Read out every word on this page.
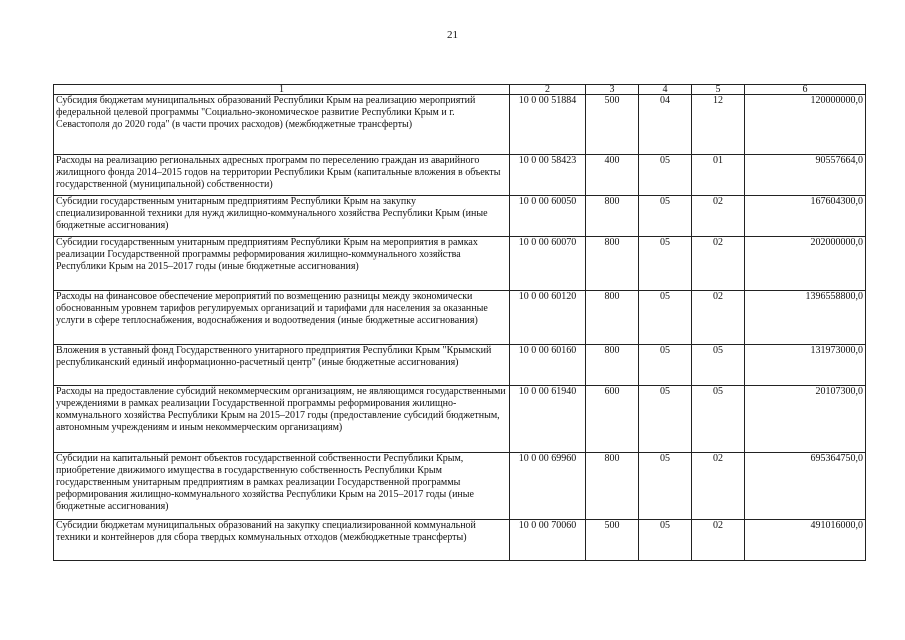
21
1	2	3	4	5	6
Субсидия бюджетам муниципальных образований Республики Крым на реализацию мероприятий федеральной целевой программы "Социально-экономическое развитие Республики Крым и г. Севастополя до 2020 года" (в части прочих расходов) (межбюджетные трансферты)	10 0 00 51884	500	04	12	120000000,0
Расходы на реализацию региональных адресных программ по переселению граждан из аварийного жилищного фонда 2014–2015 годов на территории Республики Крым (капитальные вложения в объекты государственной (муниципальной) собственности)	10 0 00 58423	400	05	01	90557664,0
Субсидии государственным унитарным предприятиям Республики Крым на закупку специализированной техники для нужд жилищно-коммунального хозяйства Республики Крым (иные бюджетные ассигнования)	10 0 00 60050	800	05	02	167604300,0
Субсидии государственным унитарным предприятиям Республики Крым на мероприятия в рамках реализации Государственной программы реформирования жилищно-коммунального хозяйства Республики Крым на 2015–2017 годы (иные бюджетные ассигнования)	10 0 00 60070	800	05	02	202000000,0
Расходы на финансовое обеспечение мероприятий по возмещению разницы между экономически обоснованным уровнем тарифов регулируемых организаций и тарифами для населения за оказанные услуги в сфере теплоснабжения, водоснабжения и водоотведения (иные бюджетные ассигнования)	10 0 00 60120	800	05	02	1396558800,0
Вложения в уставный фонд Государственного унитарного предприятия Республики Крым "Крымский республиканский единый информационно-расчетный центр" (иные бюджетные ассигнования)	10 0 00 60160	800	05	05	131973000,0
Расходы на предоставление субсидий некоммерческим организациям, не являющимся государственными учреждениями в рамках реализации Государственной программы реформирования жилищно-коммунального хозяйства Республики Крым на 2015–2017 годы (предоставление субсидий бюджетным, автономным учреждениям и иным некоммерческим организациям)	10 0 00 61940	600	05	05	20107300,0
Субсидии на капитальный ремонт объектов государственной собственности Республики Крым, приобретение движимого имущества в государственную собственность Республики Крым государственным унитарным предприятиям в рамках реализации Государственной программы реформирования жилищно-коммунального хозяйства Республики Крым на 2015–2017 годы (иные бюджетные ассигнования)	10 0 00 69960	800	05	02	695364750,0
Субсидии бюджетам муниципальных образований на закупку специализированной коммунальной техники и контейнеров для сбора твердых коммунальных отходов (межбюджетные трансферты)	10 0 00 70060	500	05	02	491016000,0
